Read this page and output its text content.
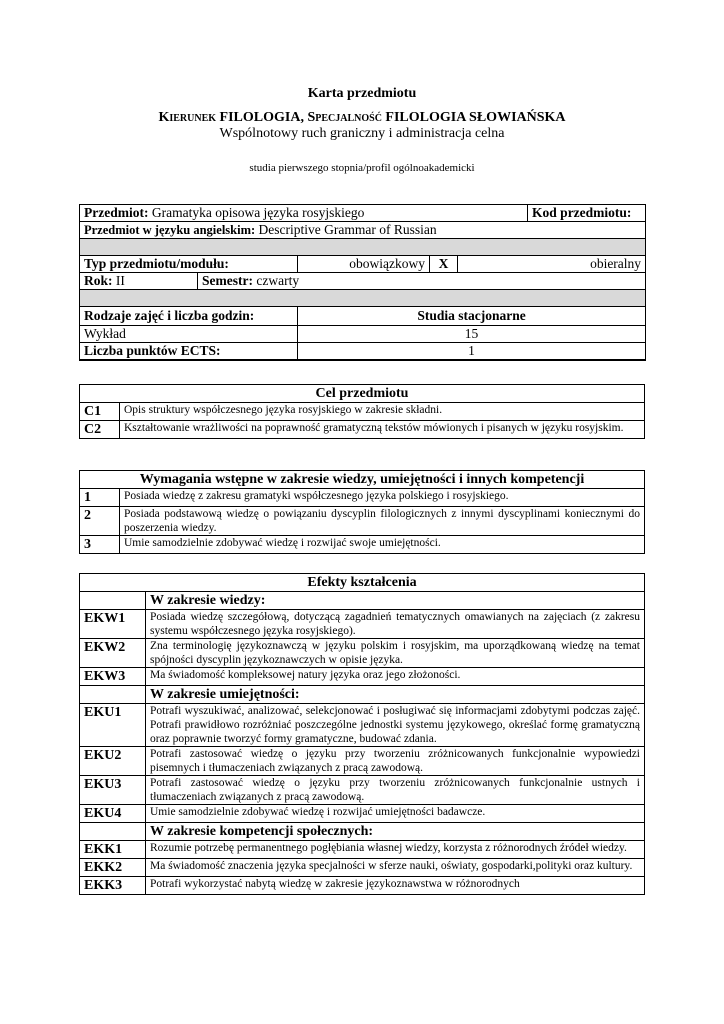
Karta przedmiotu
Kierunek FILOLOGIA, Specjalność FILOLOGIA SŁOWIAŃSKA
Wspólnotowy ruch graniczny i administracja celna
studia pierwszego stopnia/profil ogólnoakademicki
Przedmiot: Gramatyka opisowa języka rosyjskiego					Kod przedmiotu:
Przedmiot w języku angielskim: Descriptive Grammar of Russian					

Typ przedmiotu/modułu:		obowiązkowy	X	obieralny	
Rok: II	Semestr: czwarty				

Rodzaje zajęć i liczba godzin:		Studia stacjonarne			
Wykład		15			
Liczba punktów ECTS:		1			
Cel przedmiotu	
C1	Opis struktury współczesnego języka rosyjskiego w zakresie składni.
C2	Kształtowanie wrażliwości na poprawność gramatyczną tekstów mówionych i pisanych w języku rosyjskim.
Wymagania wstępne w zakresie wiedzy, umiejętności i innych kompetencji	
1	Posiada wiedzę z zakresu gramatyki współczesnego języka polskiego i rosyjskiego.
2	Posiada podstawową wiedzę o powiązaniu dyscyplin filologicznych z innymi dyscyplinami koniecznymi do poszerzenia wiedzy.
3	Umie samodzielnie zdobywać wiedzę i rozwijać swoje umiejętności.
Efekty kształcenia	
	W zakresie wiedzy:
EKW1	Posiada wiedzę szczegółową, dotyczącą zagadnień tematycznych omawianych na zajęciach (z zakresu systemu współczesnego języka rosyjskiego).
EKW2	Zna terminologię językoznawczą w języku polskim i rosyjskim, ma uporządkowaną wiedzę na temat spójności dyscyplin językoznawczych w opisie języka.
EKW3	Ma świadomość kompleksowej natury języka oraz jego złożoności.
	W zakresie umiejętności:
EKU1	Potrafi wyszukiwać, analizować, selekcjonować i posługiwać się informacjami zdobytymi podczas zajęć. Potrafi prawidłowo rozróżniać poszczególne jednostki systemu językowego, określać formę gramatyczną oraz poprawnie tworzyć formy gramatyczne, budować zdania.
EKU2	Potrafi zastosować wiedzę o języku przy tworzeniu zróżnicowanych funkcjonalnie wypowiedzi pisemnych i tłumaczeniach związanych z pracą zawodową.
EKU3	Potrafi zastosować wiedzę o języku przy tworzeniu zróżnicowanych funkcjonalnie ustnych i tłumaczeniach związanych z pracą zawodową.
EKU4	Umie samodzielnie zdobywać wiedzę i rozwijać umiejętności badawcze.
	W zakresie kompetencji społecznych:
EKK1	Rozumie potrzebę permanentnego pogłębiania własnej wiedzy, korzysta z różnorodnych źródeł wiedzy.
EKK2	Ma świadomość znaczenia języka specjalności w sferze nauki, oświaty, gospodarki,polityki oraz kultury.
EKK3	Potrafi wykorzystać nabytą wiedzę w zakresie językoznawstwa w różnorodnych
